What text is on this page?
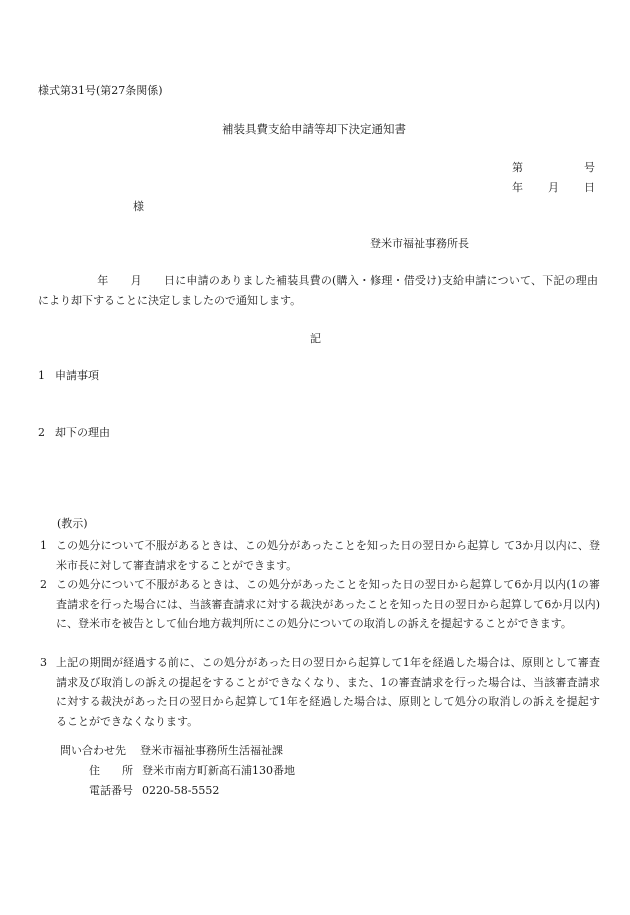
様式第31号(第27条関係)
補装具費支給申請等却下決定通知書
第	号
年 月 日
様
登米市福祉事務所長
年 月 日に申請のありました補装具費の(購入・修理・借受け)支給申請について、下記の理由により却下することに決定しましたので通知します。
記
1 申請事項
2 却下の理由
(教示)
1 この処分について不服があるときは、この処分があったことを知った日の翌日から起算し て3か月以内に、登米市長に対して審査請求をすることができます。
2 この処分について不服があるときは、この処分があったことを知った日の翌日から起算して6か月以内(1の審査請求を行った場合には、当該審査請求に対する裁決があったことを知った日の翌日から起算して6か月以内)に、登米市を被告として仙台地方裁判所にこの処分についての取消しの訴えを提起することができます。
3 上記の期間が経過する前に、この処分があった日の翌日から起算して1年を経過した場合は、原則として審査請求及び取消しの訴えの提起をすることができなくなり、また、1の審査請求を行った場合は、当該審査請求に対する裁決があった日の翌日から起算して1年を経過した場合は、原則として処分の取消しの訴えを提起することができなくなります。
問い合わせ先 登米市福祉事務所生活福祉課
住　　所 登米市南方町新高石浦130番地
電話番号 0220-58-5552
